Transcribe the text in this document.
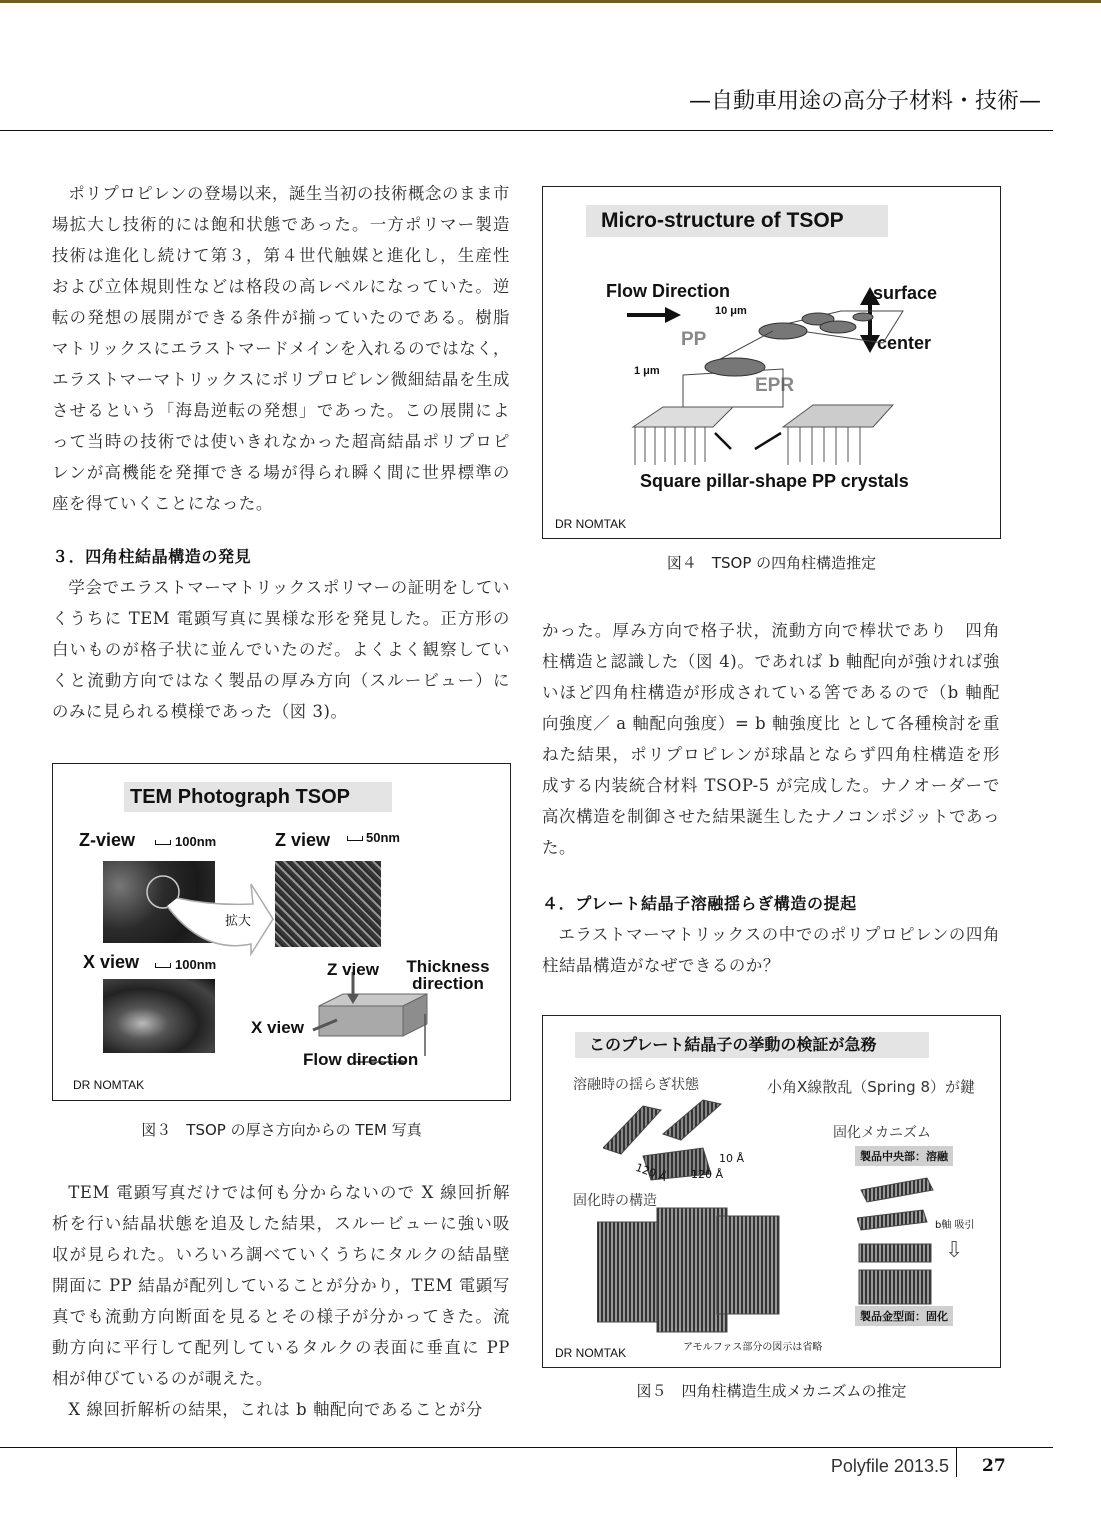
—自動車用途の高分子材料・技術—

ポリプロピレンの登場以来，誕生当初の技術概念のまま市場拡大し技術的には飽和状態であった。一方ポリマー製造技術は進化し続けて第３，第４世代触媒と進化し，生産性および立体規則性などは格段の高レベルになっていた。逆転の発想の展開ができる条件が揃っていたのである。樹脂マトリックスにエラストマードメインを入れるのではなく，エラストマーマトリックスにポリプロピレン微細結晶を生成させるという「海島逆転の発想」であった。この展開によって当時の技術では使いきれなかった超高結晶ポリプロピレンが高機能を発揮できる場が得られ瞬く間に世界標準の座を得ていくことになった。

３．四角柱結晶構造の発見

学会でエラストマーマトリックスポリマーの証明をしていくうちに TEM 電顕写真に異様な形を発見した。正方形の白いものが格子状に並んでいたのだ。よくよく観察していくと流動方向ではなく製品の厚み方向（スルービュー）にのみに見られる模様であった（図 3)。

TEM Photograph TSOP
Z-view	100nm
拡大
Z view	50nm
X view	100nm	Z view	Thickness direction
X view
Flow direction
DR NOMTAK
図３　TSOP の厚さ方向からの TEM 写真

TEM 電顕写真だけでは何も分からないので X 線回折解析を行い結晶状態を追及した結果，スルービューに強い吸収が見られた。いろいろ調べていくうちにタルクの結晶壁開面に PP 結晶が配列していることが分かり，TEM 電顕写真でも流動方向断面を見るとその様子が分かってきた。流動方向に平行して配列しているタルクの表面に垂直に PP 相が伸びているのが覗えた。

X 線回折解析の結果，これは b 軸配向であることが分

Micro-structure of TSOP
Flow Direction
10 μm
surface
center
PP
1 μm
EPR
Square pillar-shape PP crystals
DR NOMTAK
図４　TSOP の四角柱構造推定

かった。厚み方向で格子状，流動方向で棒状であり　四角柱構造と認識した（図 4)。であれば b 軸配向が強ければ強いほど四角柱構造が形成されている筈であるので（b 軸配向強度／ a 軸配向強度）= b 軸強度比 として各種検討を重ねた結果，ポリプロピレンが球晶とならず四角柱構造を形成する内装統合材料 TSOP-5 が完成した。ナノオーダーで高次構造を制御させた結果誕生したナノコンポジットであった。

４．プレート結晶子溶融揺らぎ構造の提起

エラストマーマトリックスの中でのポリプロピレンの四角柱結晶構造がなぜできるのか？

このプレート結晶子の挙動の検証が急務
溶融時の揺らぎ状態	小角X線散乱（Spring 8）が鍵
固化メカニズム
製品中央部：溶融
10 Å
120 Å 120 Å
固化時の構造
b軸 吸引
⇩
製品金型面：固化
アモルファス部分の図示は省略
DR NOMTAK
図５　四角柱構造生成メカニズムの推定
Polyfile 2013.5 27
